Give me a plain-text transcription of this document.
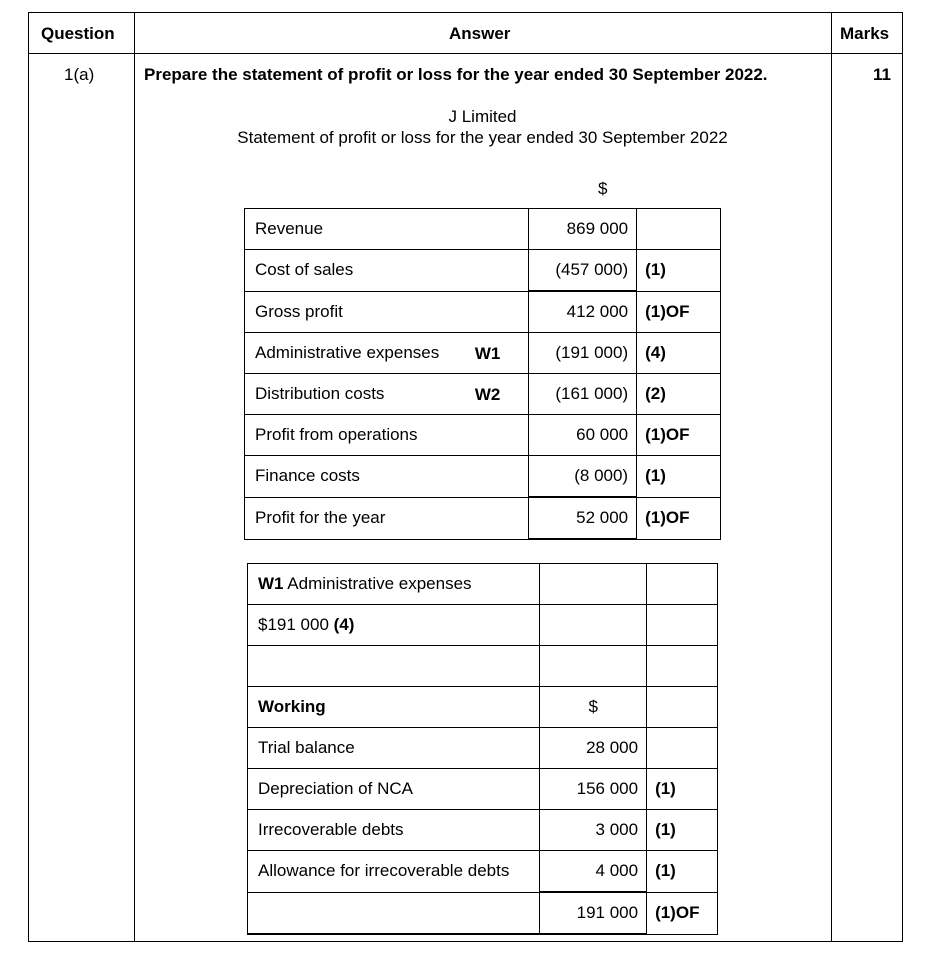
Question	Answer	Marks
1(a)	Prepare the statement of profit or loss for the year ended 30 September 2022.	11
J Limited
Statement of profit or loss for the year ended 30 September 2022
$
Revenue	869 000	
Cost of sales	(457 000)	(1)
Gross profit	412 000	(1)OF
Administrative expenses W1	(191 000)	(4)
Distribution costs W2	(161 000)	(2)
Profit from operations	60 000	(1)OF
Finance costs	(8 000)	(1)
Profit for the year	52 000	(1)OF
W1 Administrative expenses		
$191 000 (4)		

Working	$	
Trial balance	28 000	
Depreciation of NCA	156 000	(1)
Irrecoverable debts	3 000	(1)
Allowance for irrecoverable debts	4 000	(1)
	191 000	(1)OF
